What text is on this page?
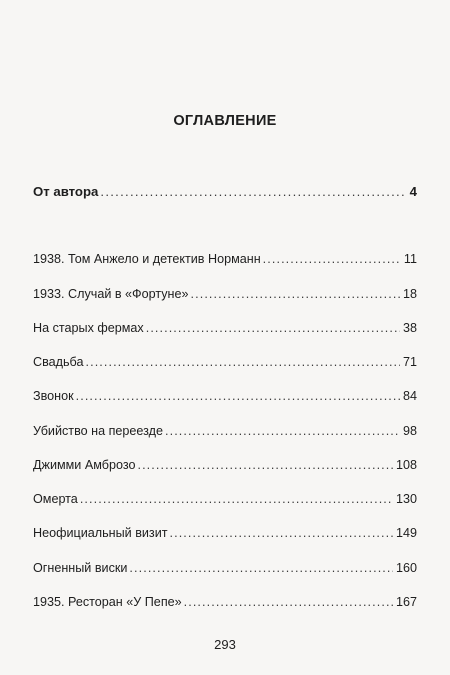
ОГЛАВЛЕНИЕ
От автора . . .	4
1938. Том Анжело и детектив Норманн . . .	11
1933. Случай в «Фортуне» . . .	18
На старых фермах . . .	38
Свадьба . . .	71
Звонок . . .	84
Убийство на переезде . . .	98
Джимми Амброзо . . .	108
Омерта . . .	130
Неофициальный визит . . .	149
Огненный виски . . .	160
1935. Ресторан «У Пепе» . . .	167
293
